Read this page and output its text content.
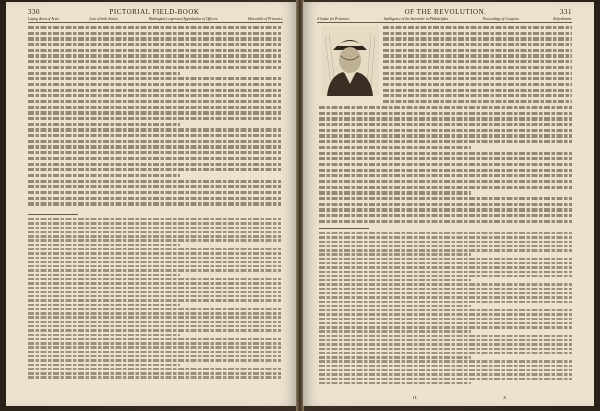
330	PICTORIAL FIELD-BOOK
Laying down of Arms.	Loss of both Armies.	Washington's expressed Approbation of Officers.	Honorable of Prisoners.
OF THE REVOLUTION.	331
A Salute for Prisoners.	Intelligence of the Surrender in Philadelphia.	Proceedings of Congress.	Refreshment.
IL	X
